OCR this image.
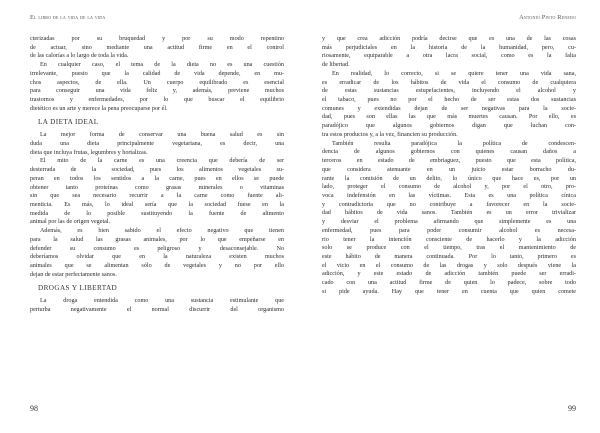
El libro de la vida de la vida
cterizadas por su bruquedad y por su modo repentino
de actuar, sino mediante una actitud firme en el control
de las calorías a lo largo de toda la vida.
En cualquier caso, el tema de la dieta no es una cuestión
irrelevante, puesto que la calidad de vida depende, en mu-
chos aspectos, de ella. Un cuerpo equilibrado es esencial
para conseguir una vida feliz y, además, previene muchos
trastornos y enfermedades, por lo que buscar el equilibrio
dietético es un arte y merece la pena preocuparse por él.
LA DIETA IDEAL
La mejor forma de conservar una buena salud es sin
duda una dieta principalmente vegetariana, es decir, una
dieta que incluya frutas, legumbres y hortalizas.
El mito de la carne es una creencia que debería de ser
desterrada de la sociedad, pues los alimentos vegetales su-
peran en todos los sentidos a la carne, pues en ellos se puede
obtener tanto proteínas como grasas minerales o vitaminas
sin que sea necesario recurrir a la carne como fuente ali-
menticia. Es más, lo ideal sería que la sociedad fuese en la
medida de lo posible sustituyendo la fuente de alimento
animal por las de origen vegetal.
Además, es bien sabido el efecto negativo que tienen
para la salud las grasas animales, por lo que empeñarse en
defender su consumo es peligroso y desaconsejable. No
deberíamos olvidar que en la naturaleza existen muchos
animales que se alimentan sólo de vegetales y no por ello
dejan de estar perfectamente sanos.
DROGAS Y LIBERTAD
La droga entendida como una sustancia estimulante que
perturba negativamente el normal discurrir del organismo
98
Antonio Pinto Renedo
y que crea adicción podría decirse que es una de las cosas
más perjudiciales en la historia de la humanidad, pero, cu-
riosamente, equiparable a otra lacra social, como es la falta
de libertad.
En realidad, lo correcto, si se quiere tener una vida sana,
es erradicar de los hábitos de vida el consumo de cualquiera
de estas sustancias estupefacientes, incluyendo el alcohol y
el tabaco, pues no por el hecho de ser estas dos sustancias
comunes y extendidas dejan de ser negativas para la socie-
dad, pues son ellas las que más muertes causan. Por ello, es
paradójico que algunos gobiernos digan que luchan con-
tra estos productos y, a la vez, financien su producción.
También resulta paradójica la política de condescen-
dencia de algunos gobiernos con quienes causan daños a
terceros en estado de embriaguez, puesto que esta política,
que considera atenuante en un juicio estar borracho du-
rante la comisión de un delito, lo único que hace es, por un
lado, proteger el consumo de alcohol y, por el otro, pro-
voca indefensión en las víctimas. Esta es una política cínica
y contradictoria que no contribuye a favorecer en la socie-
dad hábitos de vida sanos. También es un error trivializar
y desviar el problema afirmando que simplemente es una
enfermedad, pues para poder consumir alcohol es necesa-
rio tener la intención consciente de hacerlo y la adicción
solo se produce con el tiempo, tras el mantenimiento de
este hábito de manera continuada. Por lo tanto, primero es
el vicio en el consumo de las drogas y solo después viene la
adicción, y este estado de adicción también puede ser erradi-
cado con una actitud firme de quien lo padece, sobre todo
si pide ayuda. Hay que tener en cuenta que quien comete
99
